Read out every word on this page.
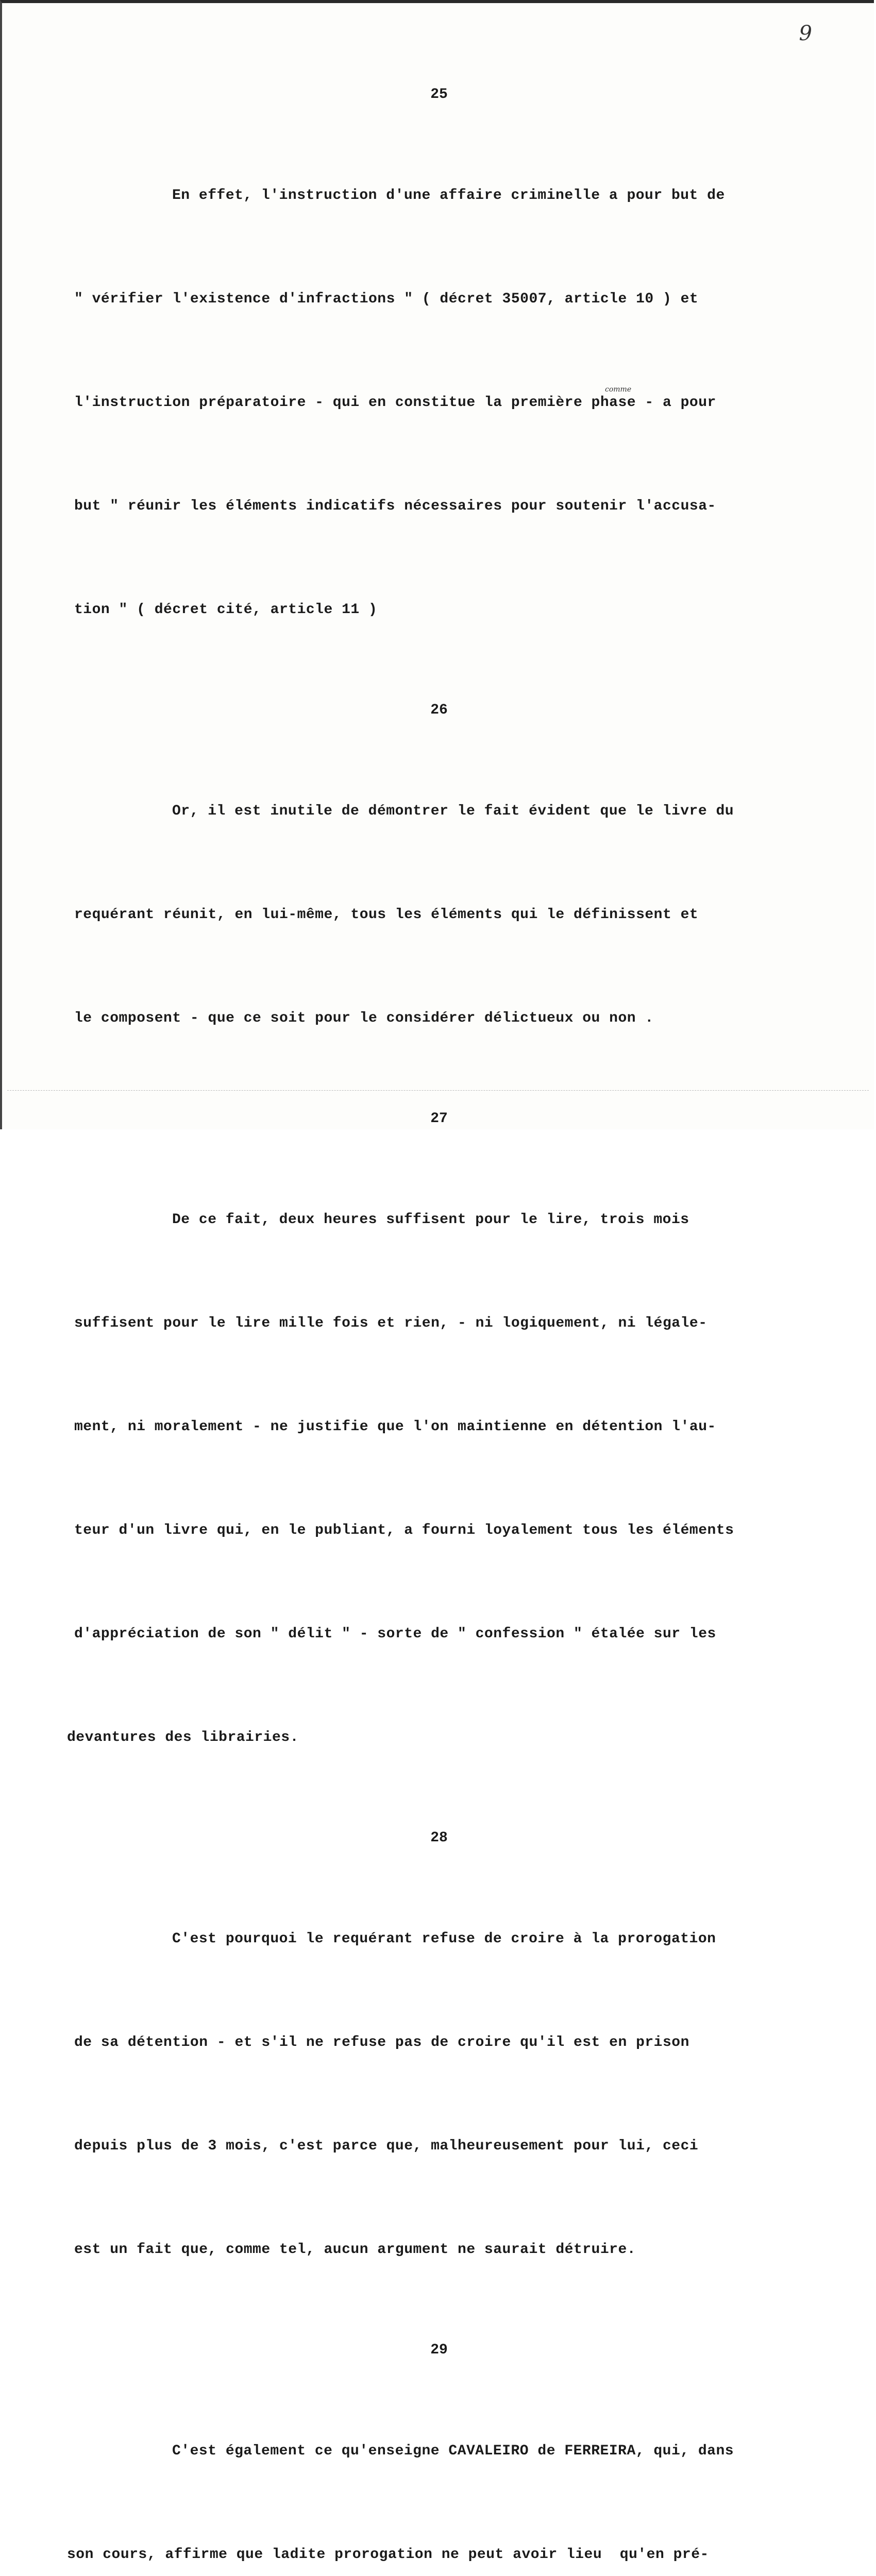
9
25

En effet, l'instruction d'une affaire criminelle a pour but de

" vérifier l'existence d'infractions " ( décret 35007, article 10 ) et

l'instruction préparatoire - qui en constitue la première phase - a pour

but " réunir les éléments indicatifs nécessaires pour soutenir l'accusa-

tion " ( décret cité, article 11 )

26

Or, il est inutile de démontrer le fait évident que le livre du

requérant réunit, en lui-même, tous les éléments qui le définissent et

le composent - que ce soit pour le considérer délictueux ou non .

27

De ce fait, deux heures suffisent pour le lire, trois mois

suffisent pour le lire mille fois et rien, - ni logiquement, ni légale-

ment, ni moralement - ne justifie que l'on maintienne en détention l'au-

teur d'un livre qui, en le publiant, a fourni loyalement tous les éléments

d'appréciation de son " délit " - sorte de " confession " étalée sur les

devantures des librairies.

28

C'est pourquoi le requérant refuse de croire à la prorogation

de sa détention - et s'il ne refuse pas de croire qu'il est en prison

depuis plus de 3 mois, c'est parce que, malheureusement pour lui, ceci

est un fait que, comme tel, aucun argument ne saurait détruire.

29

C'est également ce qu'enseigne CAVALEIRO de FERREIRA, qui, dans

son cours, affirme que ladite prorogation ne peut avoir lieu  qu'en pré-

comme
